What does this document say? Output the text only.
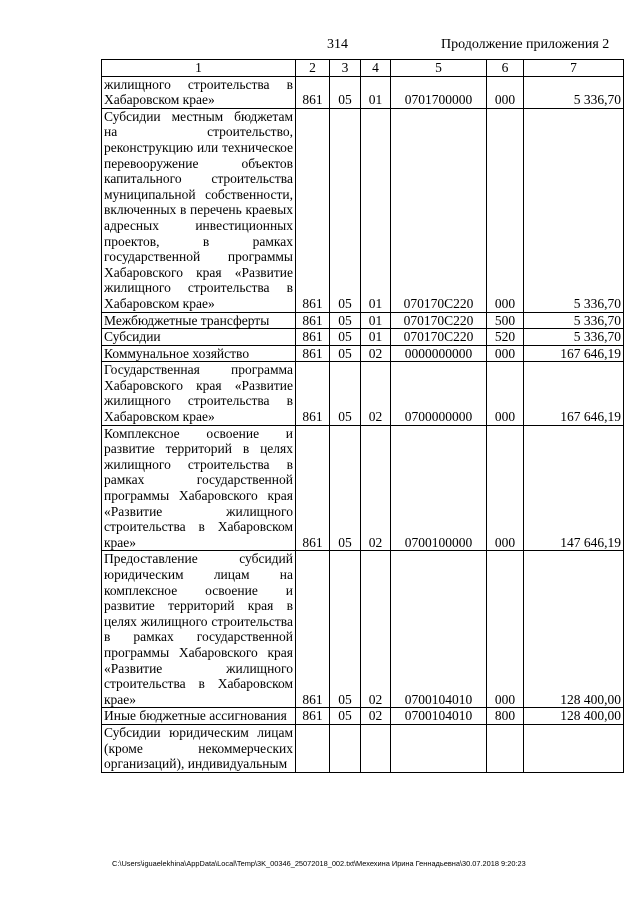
314	Продолжение приложения 2
1	2	3	4	5	6	7
жилищного строительства в Хабаровском крае»	861	05	01	0701700000	000	5 336,70
Субсидии местным бюджетам на строительство, реконструкцию или техническое перевооружение объектов капитального строительства муниципальной собственности, включенных в перечень краевых адресных инвестиционных проектов, в рамках государственной программы Хабаровского края «Развитие жилищного строительства в Хабаровском крае»	861	05	01	070170С220	000	5 336,70
Межбюджетные трансферты	861	05	01	070170С220	500	5 336,70
Субсидии	861	05	01	070170С220	520	5 336,70
Коммунальное хозяйство	861	05	02	0000000000	000	167 646,19
Государственная программа Хабаровского края «Развитие жилищного строительства в Хабаровском крае»	861	05	02	0700000000	000	167 646,19
Комплексное освоение и развитие территорий в целях жилищного строительства в рамках государственной программы Хабаровского края «Развитие жилищного строительства в Хабаровском крае»	861	05	02	0700100000	000	147 646,19
Предоставление субсидий юридическим лицам на комплексное освоение и развитие территорий края в целях жилищного строительства в рамках государственной программы Хабаровского края «Развитие жилищного строительства в Хабаровском крае»	861	05	02	0700104010	000	128 400,00
Иные бюджетные ассигнования	861	05	02	0700104010	800	128 400,00
Субсидии юридическим лицам (кроме некоммерческих организаций), индивидуальным						
C:\Users\iguaelekhina\AppData\Local\Temp\3K_00346_25072018_002.txt\Мехехина Ирина Геннадьевна\30.07.2018 9:20:23
